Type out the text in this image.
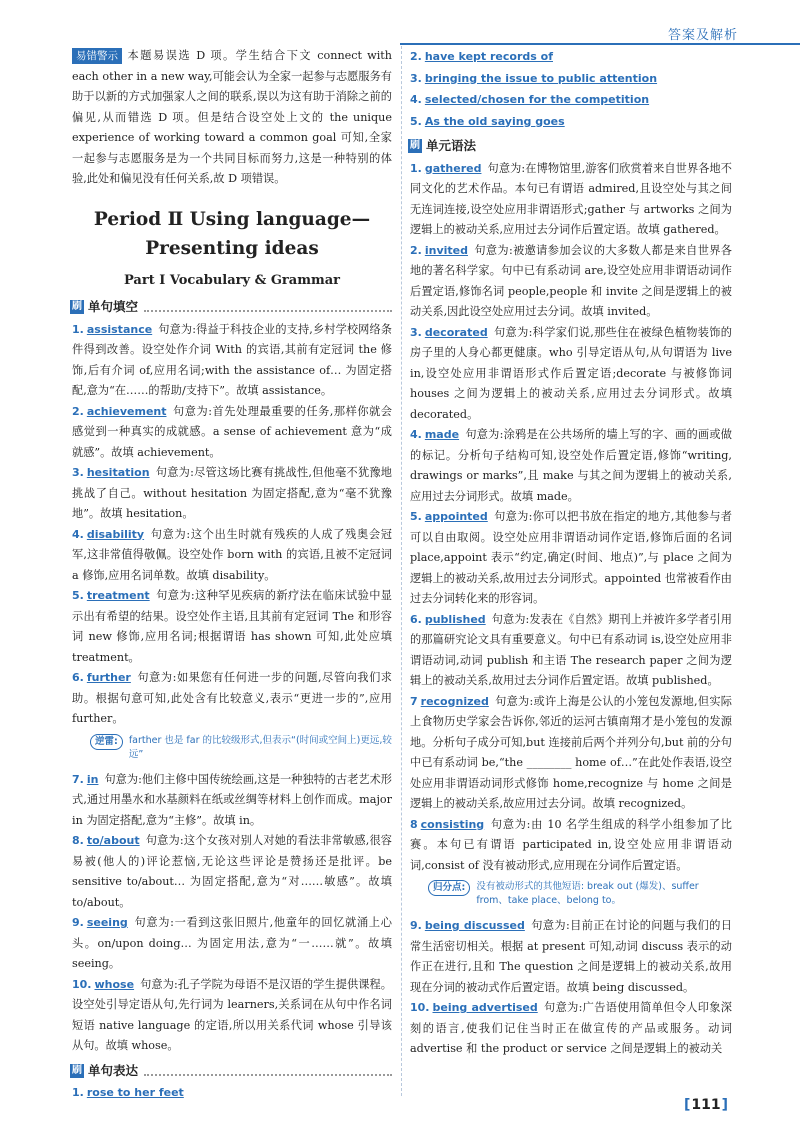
答案及解析

易错警示 本题易误选 D 项。学生结合下文 connect with each other in a new way,可能会认为全家一起参与志愿服务有助于以新的方式加强家人之间的联系,误以为这有助于消除之前的偏见,从而错选 D 项。但是结合设空处上文的 the unique experience of working toward a common goal 可知,全家一起参与志愿服务是为一个共同目标而努力,这是一种特别的体验,此处和偏见没有任何关系,故 D 项错误。

Period Ⅱ Using language—
Presenting ideas
Part Ⅰ Vocabulary & Grammar
刷 单句填空

1. assistance 句意为:得益于科技企业的支持,乡村学校网络条件得到改善。设空处作介词 With 的宾语,其前有定冠词 the 修饰,后有介词 of,应用名词;with the assistance of… 为固定搭配,意为“在……的帮助/支持下”。故填 assistance。

2. achievement 句意为:首先处理最重要的任务,那样你就会感觉到一种真实的成就感。a sense of achievement 意为“成就感”。故填 achievement。

3. hesitation 句意为:尽管这场比赛有挑战性,但他毫不犹豫地挑战了自己。without hesitation 为固定搭配,意为“毫不犹豫地”。故填 hesitation。

4. disability 句意为:这个出生时就有残疾的人成了残奥会冠军,这非常值得敬佩。设空处作 born with 的宾语,且被不定冠词 a 修饰,应用名词单数。故填 disability。

5. treatment 句意为:这种罕见疾病的新疗法在临床试验中显示出有希望的结果。设空处作主语,且其前有定冠词 The 和形容词 new 修饰,应用名词;根据谓语 has shown 可知,此处应填 treatment。

6. further 句意为:如果您有任何进一步的问题,尽管向我们求助。根据句意可知,此处含有比较意义,表示“更进一步的”,应用 further。

逆雷:	farther 也是 far 的比较级形式,但表示“(时间或空间上)更远,较远”

7. in 句意为:他们主修中国传统绘画,这是一种独特的古老艺术形式,通过用墨水和水基颜料在纸或丝绸等材料上创作而成。major in 为固定搭配,意为“主修”。故填 in。

8. to/about 句意为:这个女孩对别人对她的看法非常敏感,很容易被(他人的)评论惹恼,无论这些评论是赞扬还是批评。be sensitive to/about… 为固定搭配,意为“对……敏感”。故填 to/about。

9. seeing 句意为:一看到这张旧照片,他童年的回忆就涌上心头。on/upon doing… 为固定用法,意为“一……就”。故填 seeing。

10. whose 句意为:孔子学院为母语不是汉语的学生提供课程。设空处引导定语从句,先行词为 learners,关系词在从句中作名词短语 native language 的定语,所以用关系代词 whose 引导该从句。故填 whose。

刷 单句表达

1. rose to her feet

2. have kept records of

3. bringing the issue to public attention

4. selected/chosen for the competition

5. As the old saying goes

刷 单元语法

1. gathered 句意为:在博物馆里,游客们欣赏着来自世界各地不同文化的艺术作品。本句已有谓语 admired,且设空处与其之间无连词连接,设空处应用非谓语形式;gather 与 artworks 之间为逻辑上的被动关系,应用过去分词作后置定语。故填 gathered。

2. invited 句意为:被邀请参加会议的大多数人都是来自世界各地的著名科学家。句中已有系动词 are,设空处应用非谓语动词作后置定语,修饰名词 people,people 和 invite 之间是逻辑上的被动关系,因此设空处应用过去分词。故填 invited。

3. decorated 句意为:科学家们说,那些住在被绿色植物装饰的房子里的人身心都更健康。who 引导定语从句,从句谓语为 live in,设空处应用非谓语形式作后置定语;decorate 与被修饰词 houses 之间为逻辑上的被动关系,应用过去分词形式。故填 decorated。

4. made 句意为:涂鸦是在公共场所的墙上写的字、画的画或做的标记。分析句子结构可知,设空处作后置定语,修饰“writing, drawings or marks”,且 make 与其之间为逻辑上的被动关系,应用过去分词形式。故填 made。

5. appointed 句意为:你可以把书放在指定的地方,其他参与者可以自由取阅。设空处应用非谓语动词作定语,修饰后面的名词 place,appoint 表示“约定,确定(时间、地点)”,与 place 之间为逻辑上的被动关系,故用过去分词形式。appointed 也常被看作由过去分词转化来的形容词。

6. published 句意为:发表在《自然》期刊上并被许多学者引用的那篇研究论文具有重要意义。句中已有系动词 is,设空处应用非谓语动词,动词 publish 和主语 The research paper 之间为逻辑上的被动关系,故用过去分词作后置定语。故填 published。

7 recognized 句意为:或许上海是公认的小笼包发源地,但实际上食物历史学家会告诉你,邻近的运河古镇南翔才是小笼包的发源地。分析句子成分可知,but 连接前后两个并列分句,but 前的分句中已有系动词 be,“the ________ home of…”在此处作表语,设空处应用非谓语动词形式修饰 home,recognize 与 home 之间是逻辑上的被动关系,故应用过去分词。故填 recognized。

8 consisting 句意为:由 10 名学生组成的科学小组参加了比赛。本句已有谓语 participated in,设空处应用非谓语动词,consist of 没有被动形式,应用现在分词作后置定语。

归分点:	没有被动形式的其他短语: break out (爆发)、suffer from、take place、belong to。

9. being discussed 句意为:目前正在讨论的问题与我们的日常生活密切相关。根据 at present 可知,动词 discuss 表示的动作正在进行,且和 The question 之间是逻辑上的被动关系,故用现在分词的被动式作后置定语。故填 being discussed。

10. being advertised 句意为:广告语使用简单但令人印象深刻的语言,使我们记住当时正在做宣传的产品或服务。动词 advertise 和 the product or service 之间是逻辑上的被动关

[ 111 ]
